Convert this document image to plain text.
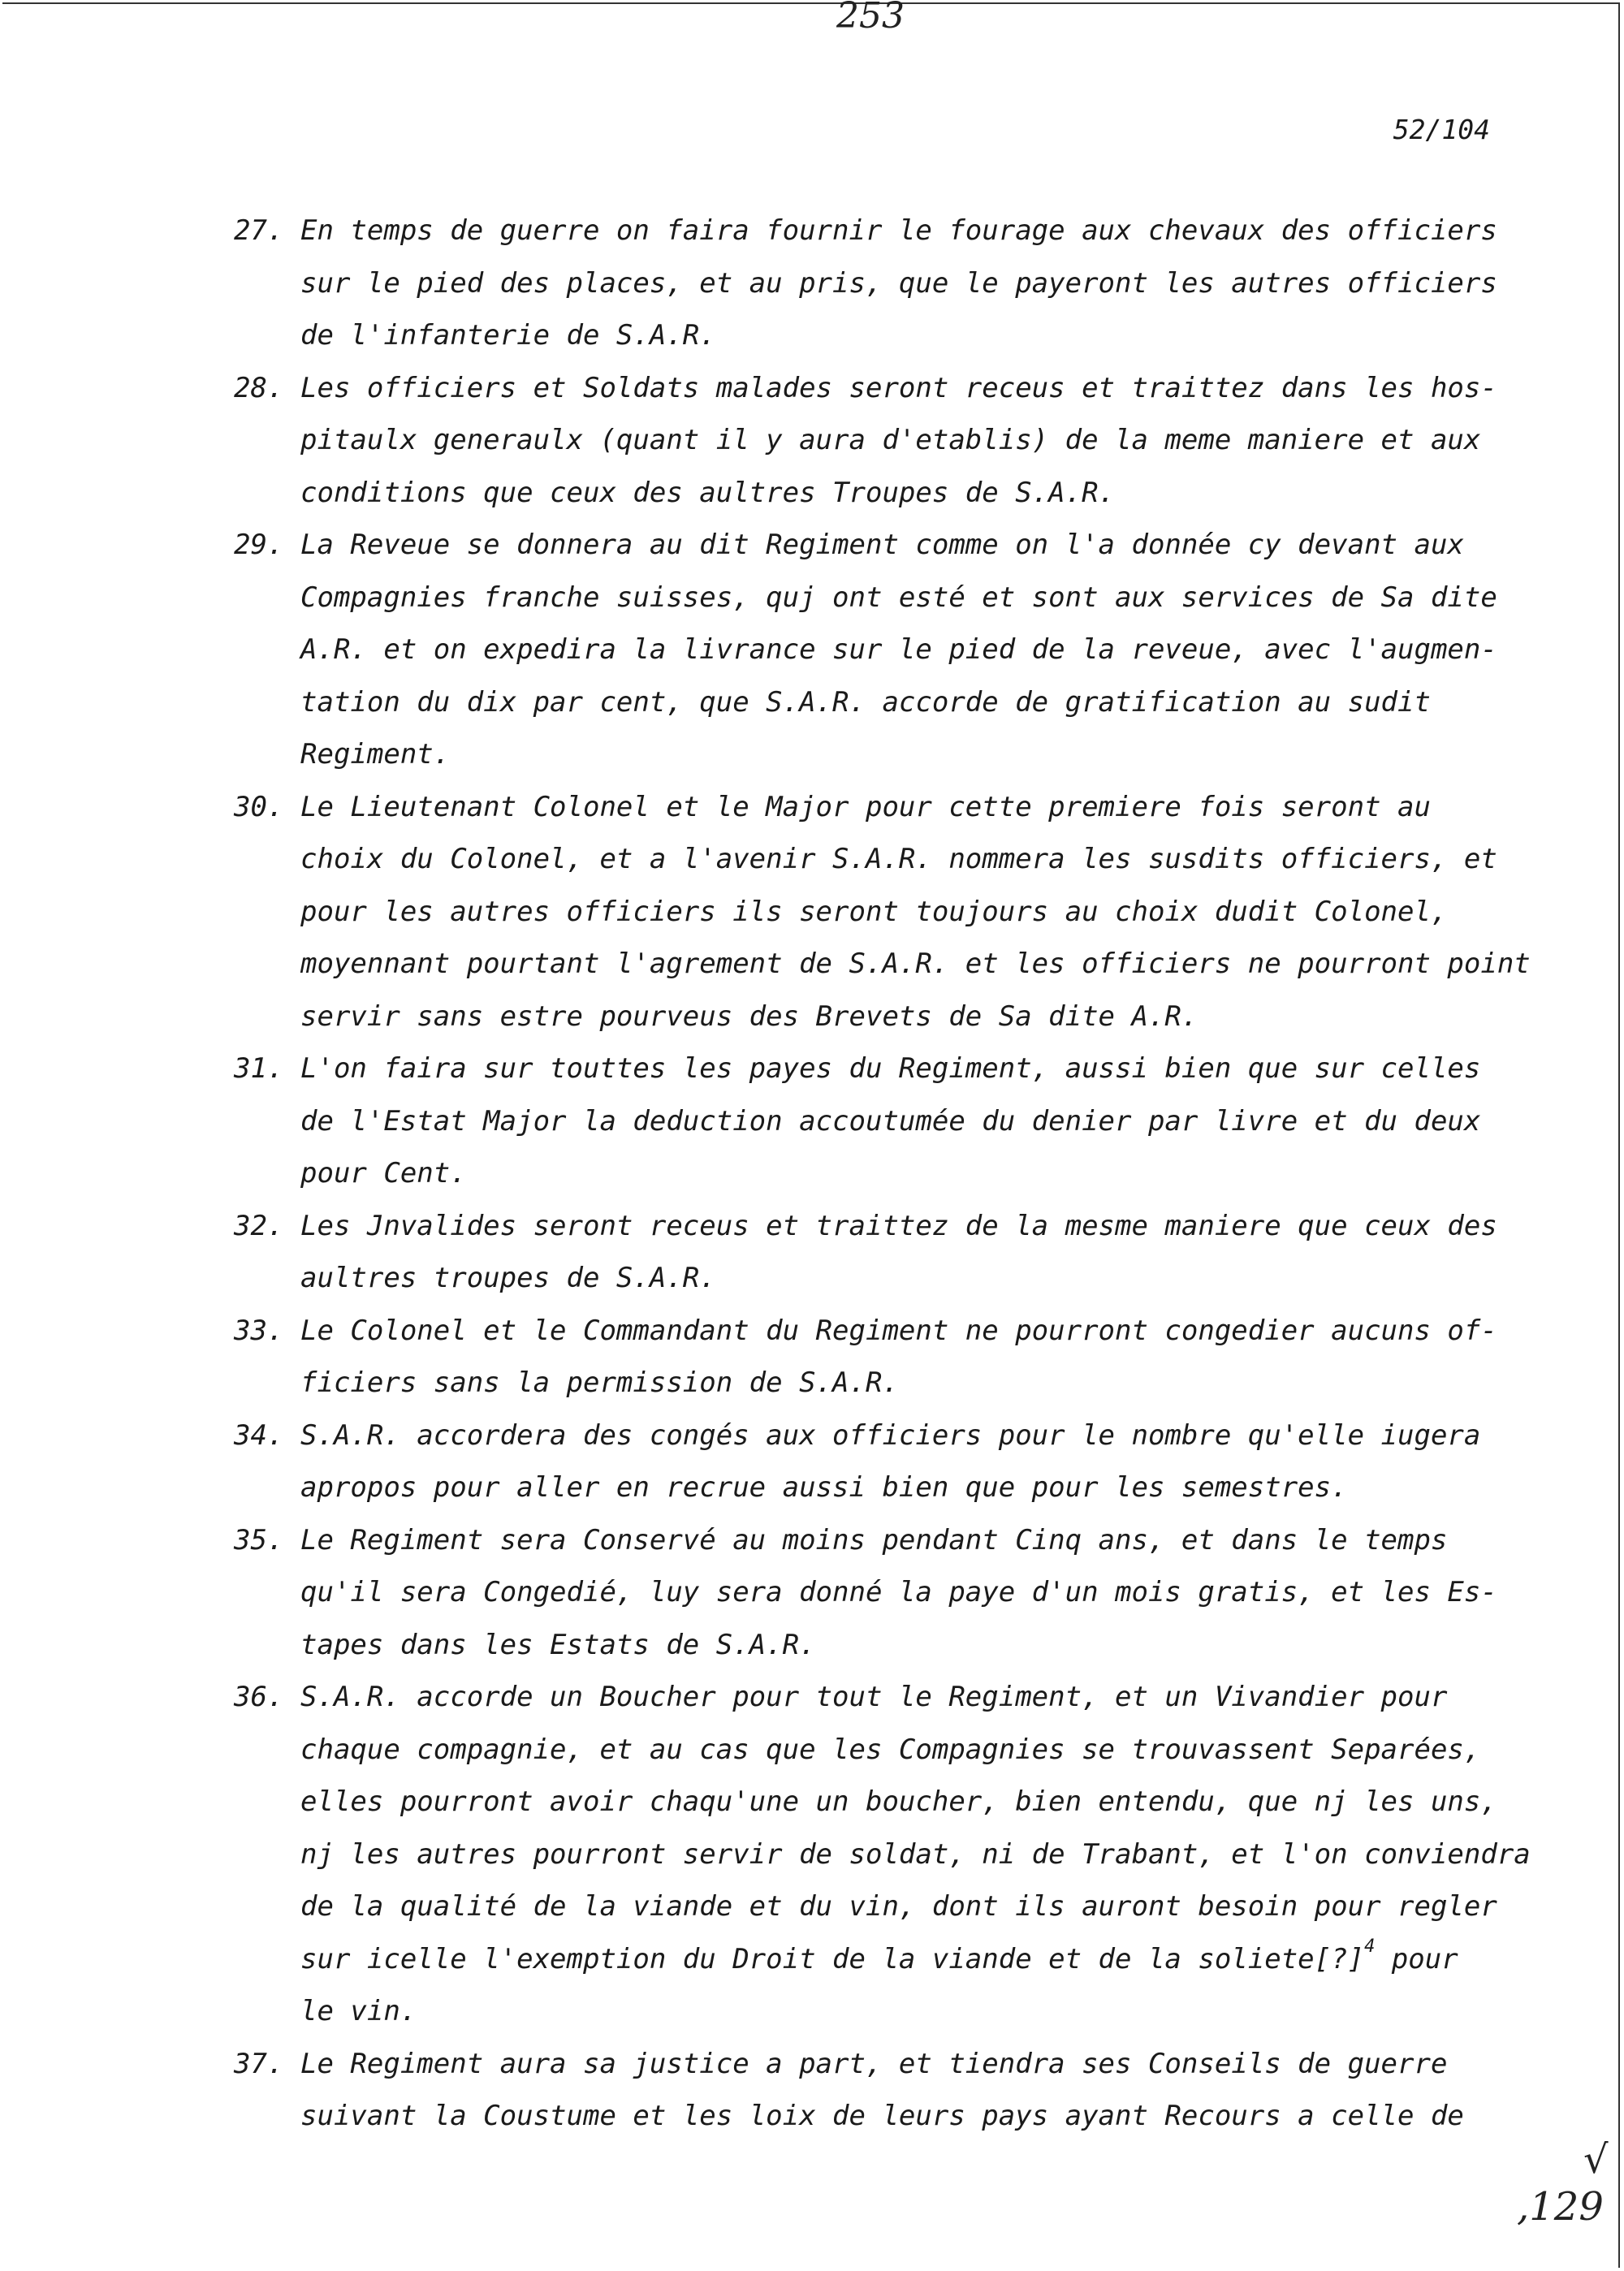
253
52/104
27. En temps de guerre on faira fournir le fourage aux chevaux des officiers
sur le pied des places, et au pris, que le payeront les autres officiers
de l'infanterie de S.A.R.
28. Les officiers et Soldats malades seront receus et traittez dans les hos-
pitaulx generaulx (quant il y aura d'etablis) de la meme maniere et aux
conditions que ceux des aultres Troupes de S.A.R.
29. La Reveue se donnera au dit Regiment comme on l'a donnée cy devant aux
Compagnies franche suisses, quj ont esté et sont aux services de Sa dite
A.R. et on expedira la livrance sur le pied de la reveue, avec l'augmen-
tation du dix par cent, que S.A.R. accorde de gratification au sudit
Regiment.
30. Le Lieutenant Colonel et le Major pour cette premiere fois seront au
choix du Colonel, et a l'avenir S.A.R. nommera les susdits officiers, et
pour les autres officiers ils seront toujours au choix dudit Colonel,
moyennant pourtant l'agrement de S.A.R. et les officiers ne pourront point
servir sans estre pourveus des Brevets de Sa dite A.R.
31. L'on faira sur touttes les payes du Regiment, aussi bien que sur celles
de l'Estat Major la deduction accoutumée du denier par livre et du deux
pour Cent.
32. Les Jnvalides seront receus et traittez de la mesme maniere que ceux des
aultres troupes de S.A.R.
33. Le Colonel et le Commandant du Regiment ne pourront congedier aucuns of-
ficiers sans la permission de S.A.R.
34. S.A.R. accordera des congés aux officiers pour le nombre qu'elle iugera
apropos pour aller en recrue aussi bien que pour les semestres.
35. Le Regiment sera Conservé au moins pendant Cinq ans, et dans le temps
qu'il sera Congedié, luy sera donné la paye d'un mois gratis, et les Es-
tapes dans les Estats de S.A.R.
36. S.A.R. accorde un Boucher pour tout le Regiment, et un Vivandier pour
chaque compagnie, et au cas que les Compagnies se trouvassent Separées,
elles pourront avoir chaqu'une un boucher, bien entendu, que nj les uns,
nj les autres pourront servir de soldat, ni de Trabant, et l'on conviendra
de la qualité de la viande et du vin, dont ils auront besoin pour regler
sur icelle l'exemption du Droit de la viande et de la soliete[?]$^4$ pour
le vin.
37. Le Regiment aura sa justice a part, et tiendra ses Conseils de guerre
suivant la Coustume et les loix de leurs pays ayant Recours a celle de
√
,129
